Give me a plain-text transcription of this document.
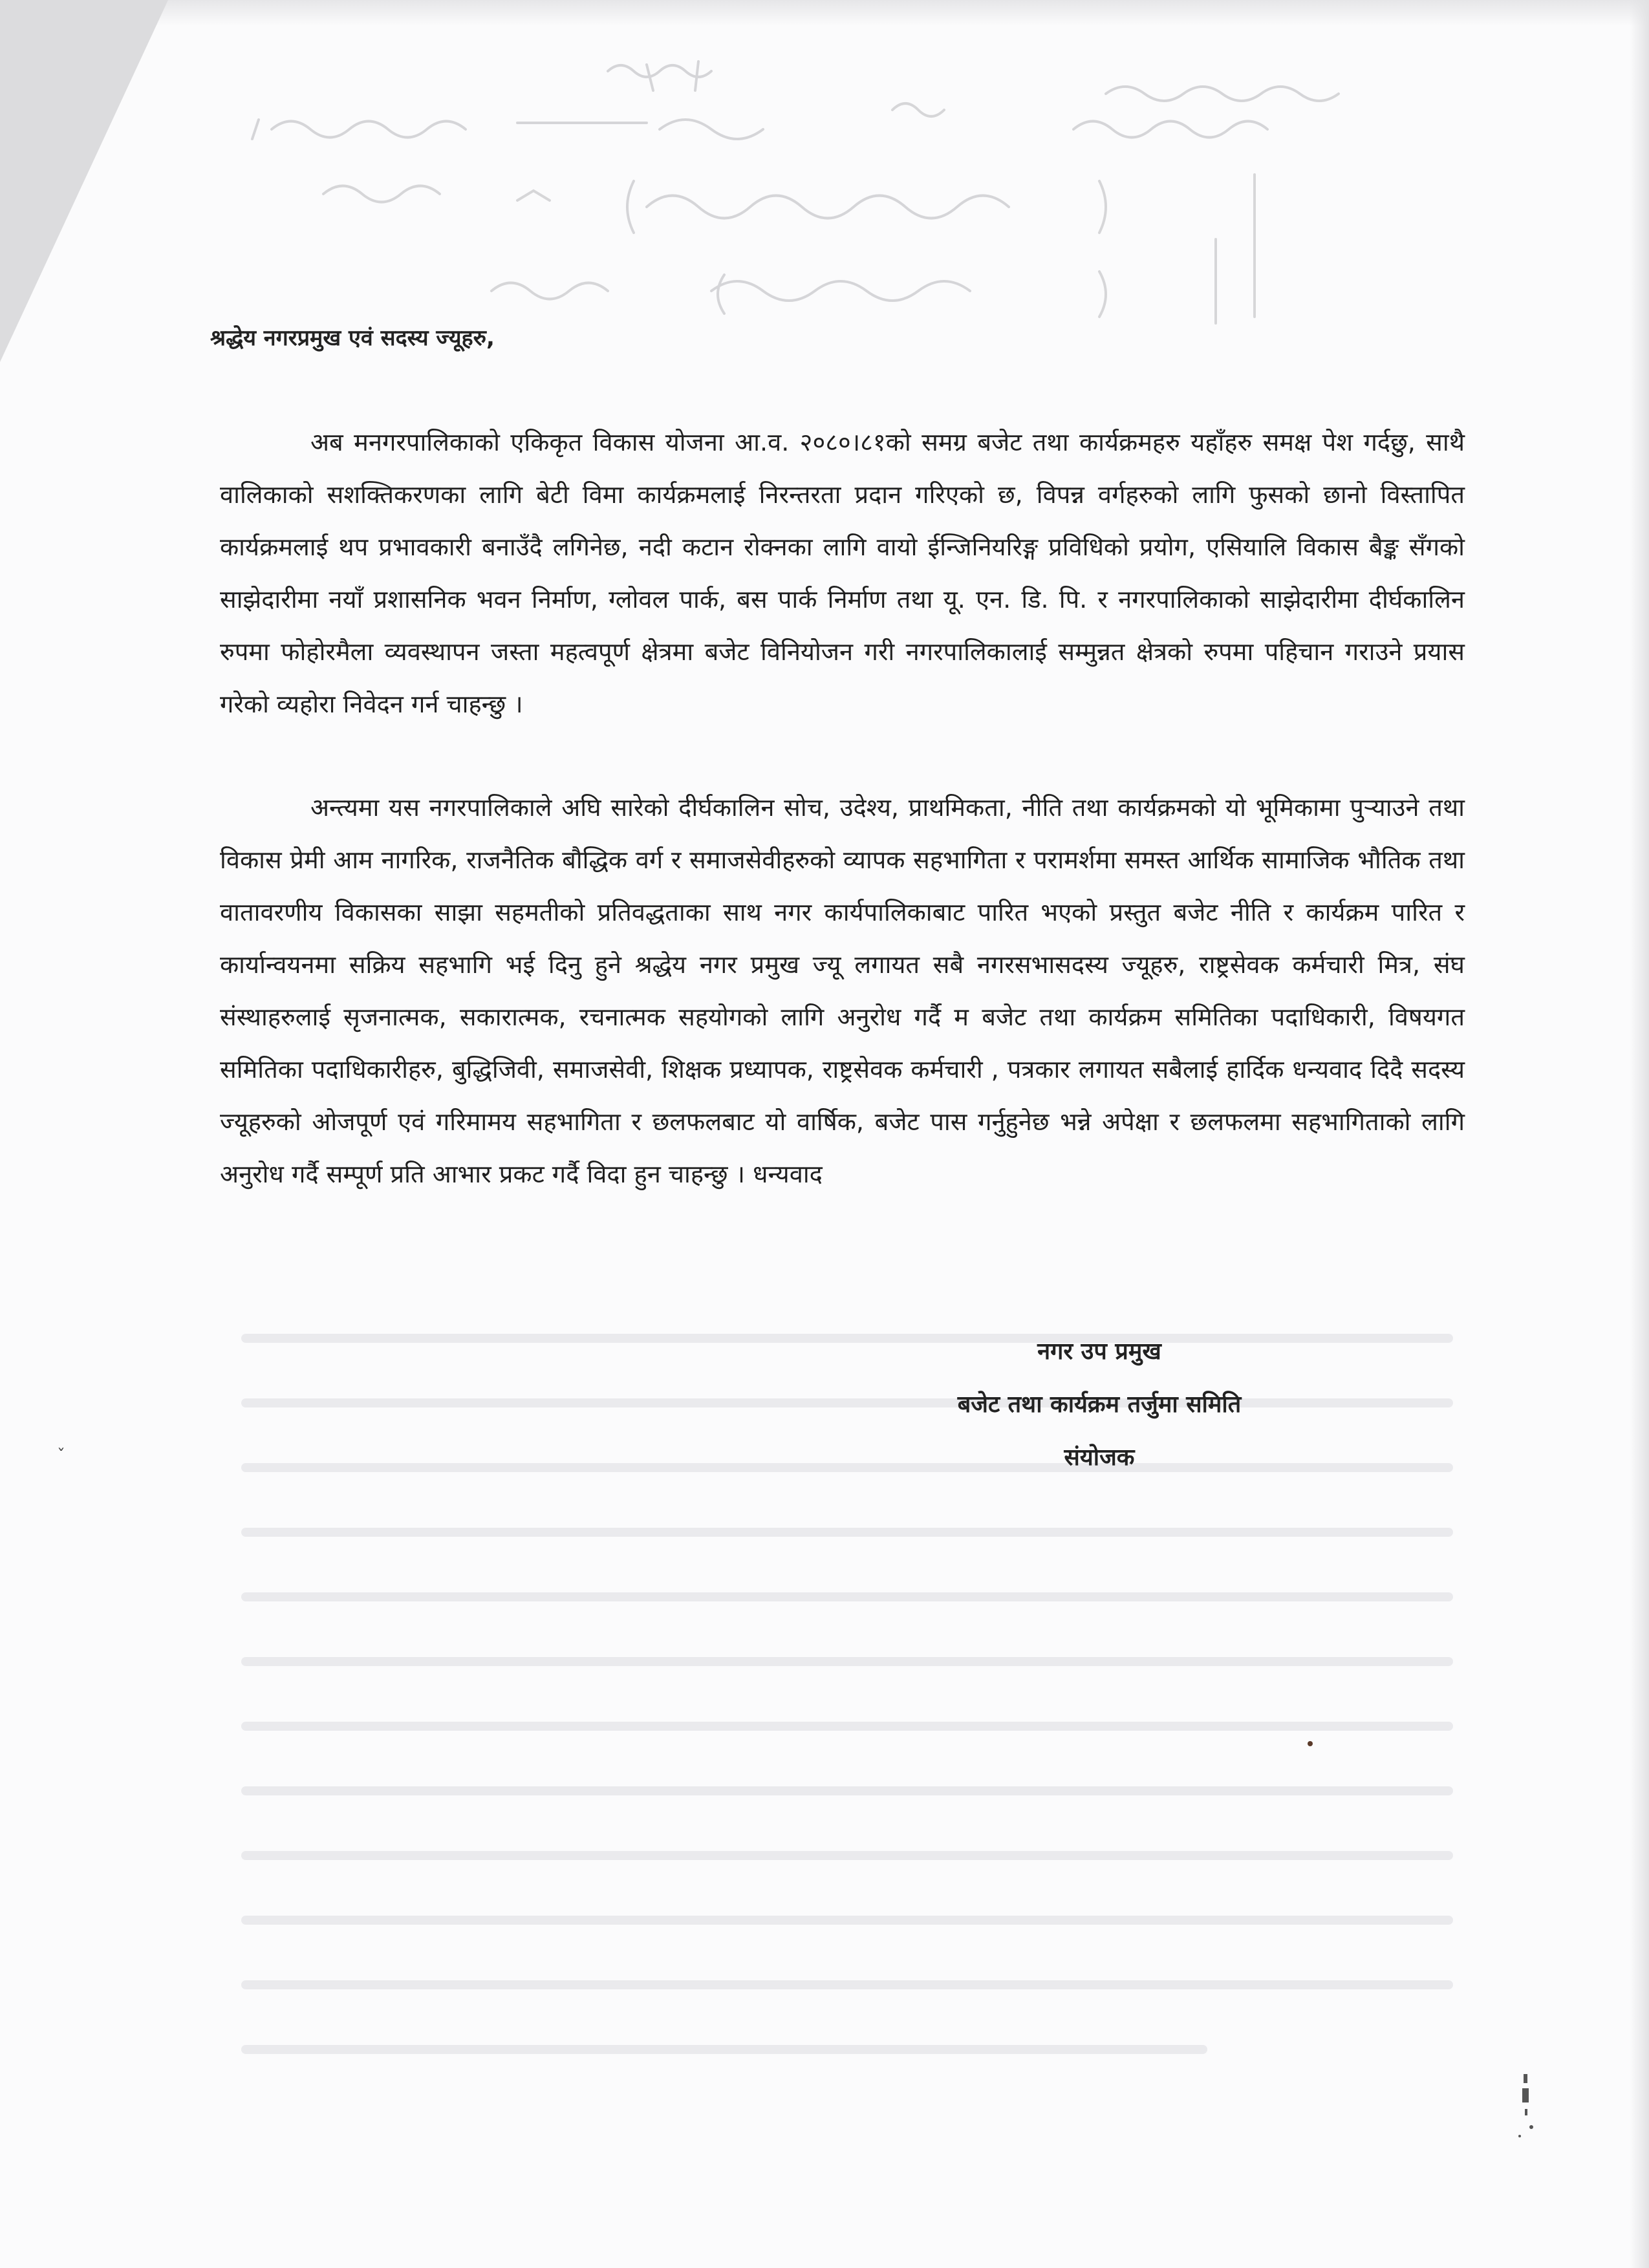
श्रद्धेय नगरप्रमुख एवं सदस्य ज्यूहरु,

अब मनगरपालिकाको एकिकृत विकास योजना आ.व. २०८०।८१को समग्र बजेट तथा कार्यक्रमहरु यहाँहरु समक्ष पेश गर्दछु, साथै वालिकाको सशक्तिकरणका लागि बेटी विमा कार्यक्रमलाई निरन्तरता प्रदान गरिएको छ, विपन्न वर्गहरुको लागि फुसको छानो विस्तापित कार्यक्रमलाई थप प्रभावकारी बनाउँदै लगिनेछ, नदी कटान रोक्नका लागि वायो ईन्जिनियरिङ्ग प्रविधिको प्रयोग, एसियालि विकास बैङ्क सँगको साझेदारीमा नयाँ प्रशासनिक भवन निर्माण, ग्लोवल पार्क, बस पार्क निर्माण तथा यू. एन. डि. पि. र नगरपालिकाको साझेदारीमा दीर्घकालिन रुपमा फोहोरमैला व्यवस्थापन जस्ता महत्वपूर्ण क्षेत्रमा बजेट विनियोजन गरी नगरपालिकालाई सम्मुन्नत क्षेत्रको रुपमा पहिचान गराउने प्रयास गरेको व्यहोरा निवेदन गर्न चाहन्छु ।

अन्त्यमा यस नगरपालिकाले अघि सारेको दीर्घकालिन सोच, उदेश्य, प्राथमिकता, नीति तथा कार्यक्रमको यो भूमिकामा पुर्‍याउने तथा विकास प्रेमी आम नागरिक, राजनैतिक बौद्धिक वर्ग र समाजसेवीहरुको व्यापक सहभागिता र परामर्शमा समस्त आर्थिक सामाजिक भौतिक तथा वातावरणीय विकासका साझा सहमतीको प्रतिवद्धताका साथ नगर कार्यपालिकाबाट पारित भएको प्रस्तुत बजेट नीति र कार्यक्रम पारित र कार्यान्वयनमा सक्रिय सहभागि भई दिनु हुने श्रद्धेय नगर प्रमुख ज्यू लगायत सबै नगरसभासदस्य ज्यूहरु, राष्ट्रसेवक कर्मचारी मित्र, संघ संस्थाहरुलाई सृजनात्मक, सकारात्मक, रचनात्मक सहयोगको लागि अनुरोध गर्दै म बजेट तथा कार्यक्रम समितिका पदाधिकारी, विषयगत समितिका पदाधिकारीहरु, बुद्धिजिवी, समाजसेवी, शिक्षक प्रध्यापक, राष्ट्रसेवक कर्मचारी , पत्रकार लगायत सबैलाई हार्दिक धन्यवाद दिदै सदस्य ज्यूहरुको ओजपूर्ण एवं गरिमामय सहभागिता र छलफलबाट यो वार्षिक, बजेट पास गर्नुहुनेछ भन्ने अपेक्षा र छलफलमा सहभागिताको लागि अनुरोध गर्दै सम्पूर्ण प्रति आभार प्रकट गर्दै विदा हुन चाहन्छु । धन्यवाद

नगर उप प्रमुख
बजेट तथा कार्यक्रम तर्जुमा समिति
संयोजक
ˇ
